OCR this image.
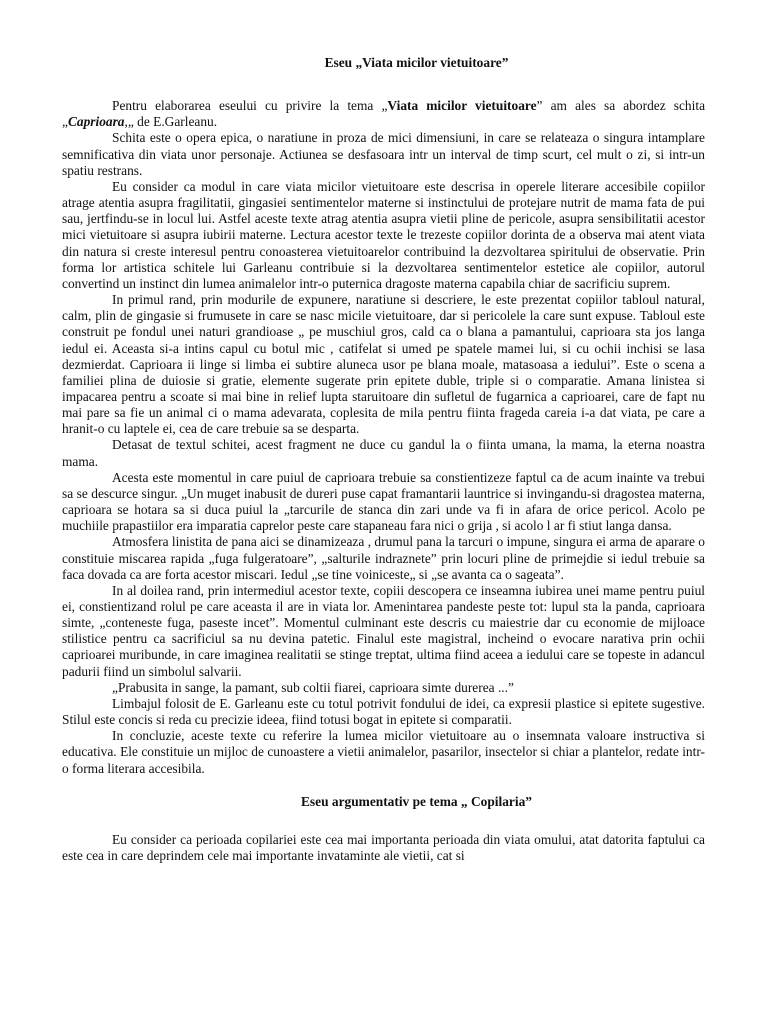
Eseu „Viata micilor vietuitoare”

Pentru elaborarea eseului cu privire la tema „Viata micilor vietuitoare” am ales sa abordez schita „Caprioara,„ de E.Garleanu.

Schita este o opera epica, o naratiune in proza de mici dimensiuni, in care se relateaza o singura intamplare semnificativa din viata unor personaje. Actiunea se desfasoara intr un interval de timp scurt, cel mult o zi, si intr-un spatiu restrans.

Eu consider ca modul in care viata micilor vietuitoare este descrisa in operele literare accesibile copiilor atrage atentia asupra fragilitatii, gingasiei sentimentelor materne si instinctului de protejare nutrit de mama fata de pui sau, jertfindu-se in locul lui. Astfel aceste texte atrag atentia asupra vietii pline de pericole, asupra sensibilitatii acestor mici vietuitoare si asupra iubirii materne. Lectura acestor texte le trezeste copiilor dorinta de a observa mai atent viata din natura si creste interesul pentru conoasterea vietuitoarelor contribuind la dezvoltarea spiritului de observatie. Prin forma lor artistica schitele lui Garleanu contribuie si la dezvoltarea sentimentelor estetice ale copiilor, autorul convertind un instinct din lumea animalelor intr-o puternica dragoste materna capabila chiar de sacrificiu suprem.

In primul rand, prin modurile de expunere, naratiune si descriere, le este prezentat copiilor tabloul natural, calm, plin de gingasie si frumusete in care se nasc micile vietuitoare, dar si pericolele la care sunt expuse. Tabloul este construit pe fondul unei naturi grandioase „ pe muschiul gros, cald ca o blana a pamantului, caprioara sta jos langa iedul ei. Aceasta si-a intins capul cu botul mic , catifelat si umed pe spatele mamei lui, si cu ochii inchisi se lasa dezmierdat. Caprioara ii linge si limba ei subtire aluneca usor pe blana moale, matasoasa a iedului”. Este o scena a familiei plina de duiosie si gratie, elemente sugerate prin epitete duble, triple si o comparatie. Amana linistea si impacarea pentru a scoate si mai bine in relief lupta staruitoare din sufletul de fugarnica a caprioarei, care de fapt nu mai pare sa fie un animal ci o mama adevarata, coplesita de mila pentru fiinta frageda careia i-a dat viata, pe care a hranit-o cu laptele ei, cea de care trebuie sa se desparta.

Detasat de textul schitei, acest fragment ne duce cu gandul la o fiinta umana, la mama, la eterna noastra mama.

Acesta este momentul in care puiul de caprioara trebuie sa constientizeze faptul ca de acum inainte va trebui sa se descurce singur. „Un muget inabusit de dureri puse capat framantarii launtrice si invingandu-si dragostea materna, caprioara se hotara sa si duca puiul la „tarcurile de stanca din zari unde va fi in afara de orice pericol. Acolo pe muchiile prapastiilor era imparatia caprelor peste care stapaneau fara nici o grija , si acolo l ar fi stiut langa dansa.

Atmosfera linistita de pana aici se dinamizeaza , drumul pana la tarcuri o impune, singura ei arma de aparare o constituie miscarea rapida „fuga fulgeratoare”, „salturile indraznete” prin locuri pline de primejdie si iedul trebuie sa faca dovada ca are forta acestor miscari. Iedul „se tine voiniceste„ si „se avanta ca o sageata”.

In al doilea rand, prin intermediul acestor texte, copiii descopera ce inseamna iubirea unei mame pentru puiul ei, constientizand rolul pe care aceasta il are in viata lor. Amenintarea pandeste peste tot: lupul sta la panda, caprioara simte, „conteneste fuga, paseste incet”. Momentul culminant este descris cu maiestrie dar cu economie de mijloace stilistice pentru ca sacrificiul sa nu devina patetic. Finalul este magistral, incheind o evocare narativa prin ochii caprioarei muribunde, in care imaginea realitatii se stinge treptat, ultima fiind aceea a iedului care se topeste in adancul padurii fiind un simbolul salvarii.

„Prabusita in sange, la pamant, sub coltii fiarei, caprioara simte durerea ...”

Limbajul folosit de E. Garleanu este cu totul potrivit fondului de idei, ca expresii plastice si epitete sugestive. Stilul este concis si reda cu precizie ideea, fiind totusi bogat in epitete si comparatii.

In concluzie, aceste texte cu referire la lumea micilor vietuitoare au o insemnata valoare instructiva si educativa. Ele constituie un mijloc de cunoastere a vietii animalelor, pasarilor, insectelor si chiar a plantelor, redate intr-o forma literara accesibila.

Eseu argumentativ pe tema „ Copilaria”

Eu consider ca perioada copilariei este cea mai importanta perioada din viata omului, atat datorita faptului ca este cea in care deprindem cele mai importante invataminte ale vietii, cat si
